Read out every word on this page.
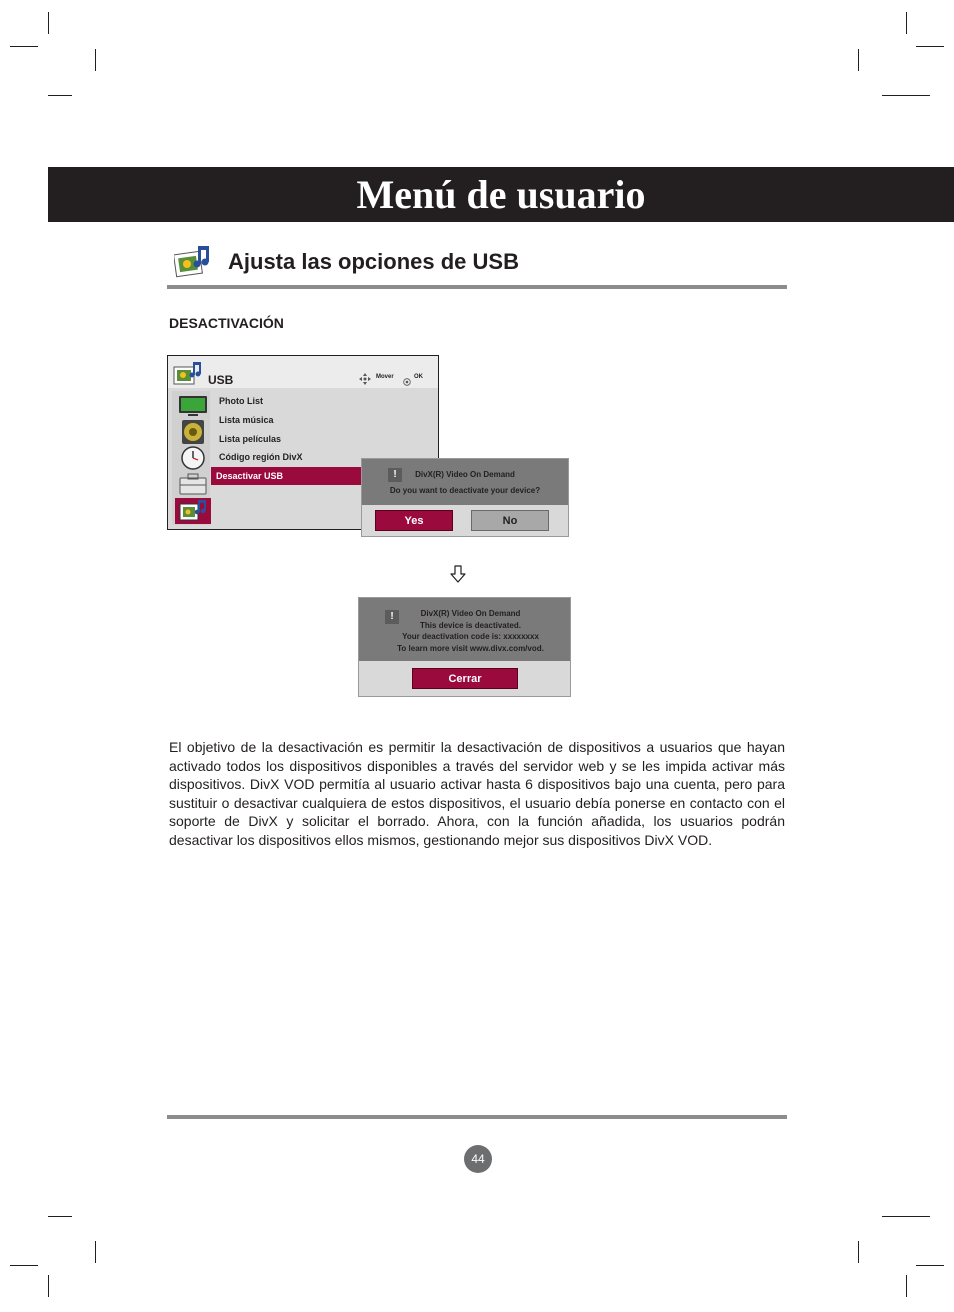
Menú de usuario
Ajusta las opciones de USB
DESACTIVACIÓN
USB	Mover	OK
Photo List
Lista música
Lista películas
Código región DivX
Desactivar USB	!	DivX(R) Video On Demand
Do you want to deactivate your device?
Yes	No
!	DivX(R) Video On Demand
This device is deactivated.
Your deactivation code is: xxxxxxxx
To learn more visit www.divx.com/vod.
Cerrar
El objetivo de la desactivación es permitir la desactivación de dispositivos a usuarios que hayan activado todos los dispositivos disponibles a través del servidor web y se les impida activar más dispositivos. DivX VOD permitía al usuario activar hasta 6 dispositivos bajo una cuenta, pero para sustituir o desactivar cualquiera de estos dispositivos, el usuario debía ponerse en contacto con el soporte de DivX y solicitar el borrado. Ahora, con la función añadida, los usuarios podrán desactivar los dispositivos ellos mismos, gestionando mejor sus dispositivos DivX VOD.
44
